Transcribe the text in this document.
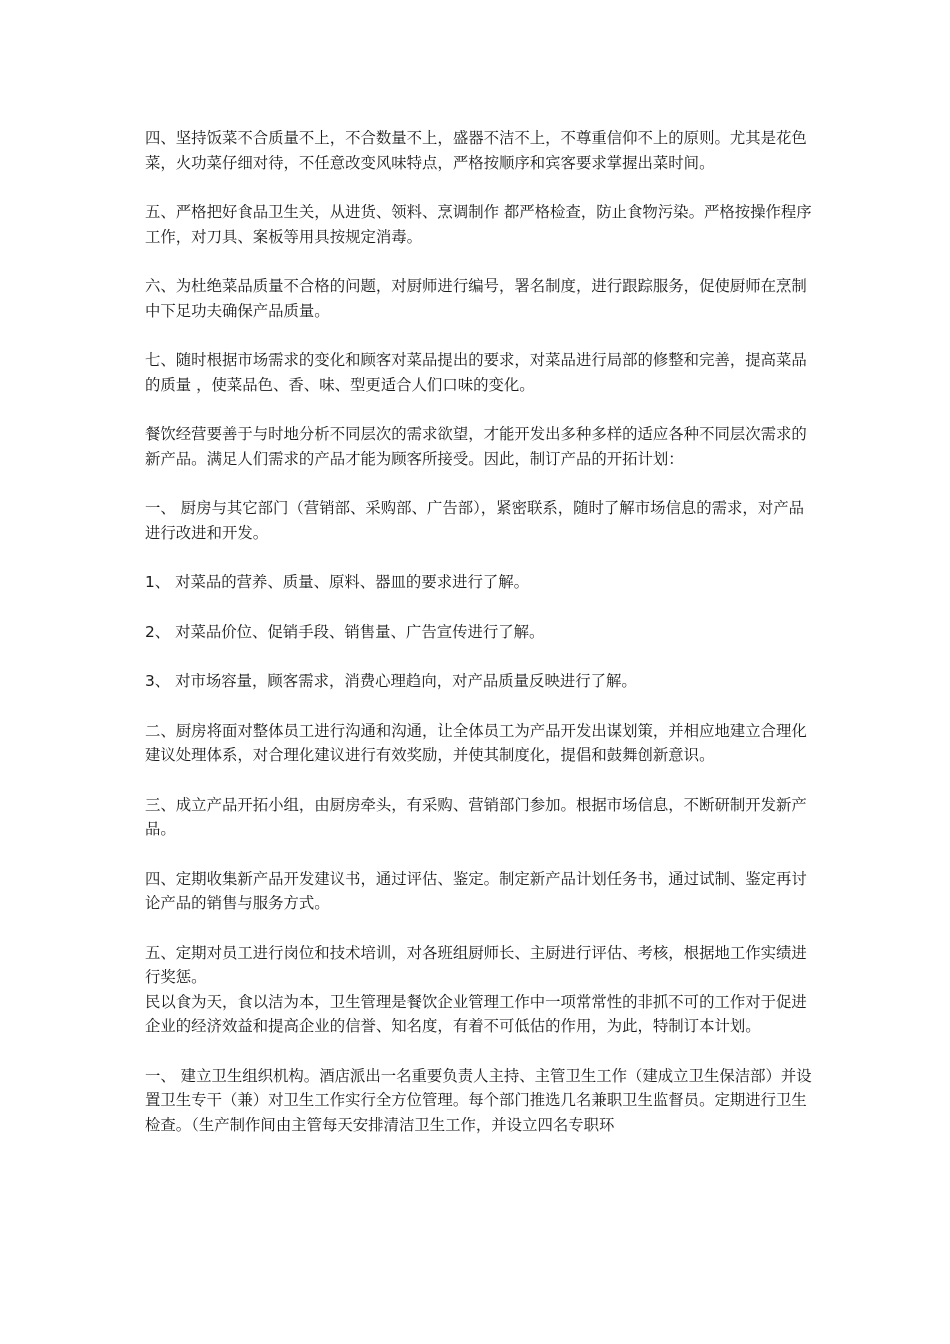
四、坚持饭菜不合质量不上，不合数量不上，盛器不洁不上，不尊重信仰不上的原则。尤其是花色菜，火功菜仔细对待，不任意改变风味特点，严格按顺序和宾客要求掌握出菜时间。

五、严格把好食品卫生关，从进货、领料、烹调制作 都严格检查，防止食物污染。严格按操作程序工作，对刀具、案板等用具按规定消毒。

六、为杜绝菜品质量不合格的问题，对厨师进行编号，署名制度，进行跟踪服务，促使厨师在烹制中下足功夫确保产品质量。

七、随时根据市场需求的变化和顾客对菜品提出的要求，对菜品进行局部的修整和完善，提高菜品的质量 ，使菜品色、香、味、型更适合人们口味的变化。

餐饮经营要善于与时地分析不同层次的需求欲望，才能开发出多种多样的适应各种不同层次需求的新产品。满足人们需求的产品才能为顾客所接受。因此，制订产品的开拓计划：

一、 厨房与其它部门（营销部、采购部、广告部），紧密联系，随时了解市场信息的需求，对产品进行改进和开发。

1、 对菜品的营养、质量、原料、器皿的要求进行了解。

2、 对菜品价位、促销手段、销售量、广告宣传进行了解。

3、 对市场容量，顾客需求，消费心理趋向，对产品质量反映进行了解。

二、厨房将面对整体员工进行沟通和沟通，让全体员工为产品开发出谋划策，并相应地建立合理化建议处理体系，对合理化建议进行有效奖励，并使其制度化，提倡和鼓舞创新意识。

三、成立产品开拓小组，由厨房牵头，有采购、营销部门参加。根据市场信息，不断研制开发新产品。

四、定期收集新产品开发建议书，通过评估、鉴定。制定新产品计划任务书，通过试制、鉴定再讨论产品的销售与服务方式。

五、定期对员工进行岗位和技术培训，对各班组厨师长、主厨进行评估、考核，根据地工作实绩进行奖惩。

民以食为天，食以洁为本，卫生管理是餐饮企业管理工作中一项常常性的非抓不可的工作对于促进企业的经济效益和提高企业的信誉、知名度，有着不可低估的作用，为此，特制订本计划。

一、 建立卫生组织机构。酒店派出一名重要负责人主持、主管卫生工作（建成立卫生保洁部）并设置卫生专干（兼）对卫生工作实行全方位管理。每个部门推选几名兼职卫生监督员。定期进行卫生检查。（生产制作间由主管每天安排清洁卫生工作，并设立四名专职环
